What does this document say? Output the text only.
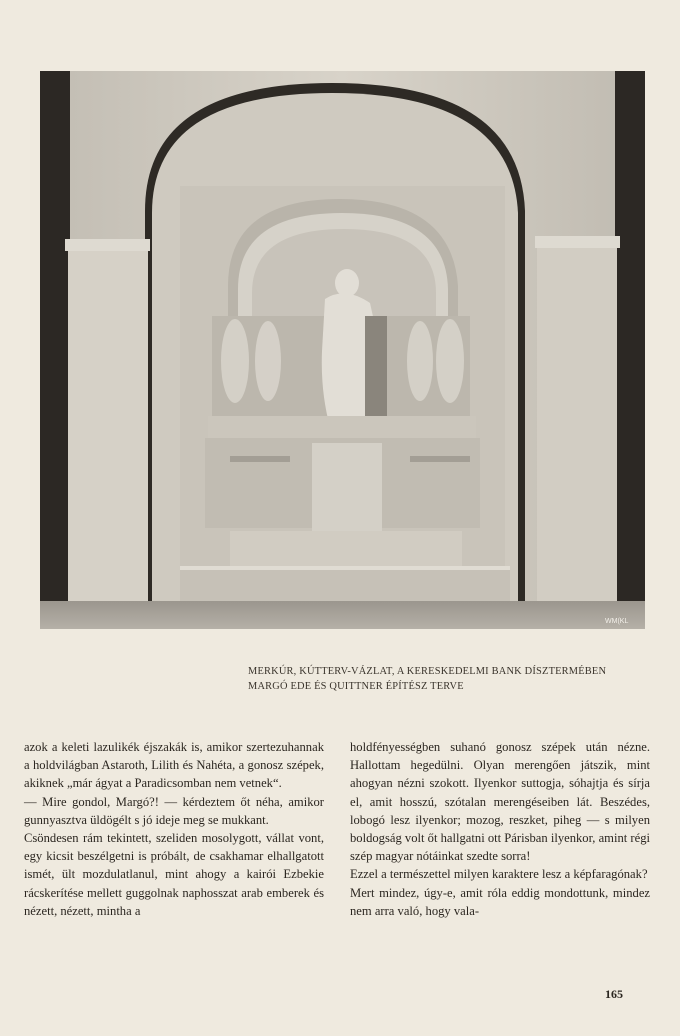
WM(KL
MERKÚR, KÚTTERV-VÁZLAT, A KERESKEDELMI BANK DÍSZTERMÉBEN
MARGÓ EDE ÉS QUITTNER ÉPÍTÉSZ TERVE

azok a keleti lazulikék éjszakák is, amikor szertezuhannak a holdvilágban Astaroth, Lilith és Nahéta, a gonosz szépek, akiknek „már ágyat a Paradicsomban nem vetnek“.

— Mire gondol, Margó?! — kérdeztem őt néha, amikor gunnyasztva üldögélt s jó ideje meg se mukkant.

Csöndesen rám tekintett, szeliden mosolygott, vállat vont, egy kicsit beszélgetni is próbált, de csakhamar elhallgatott ismét, ült mozdulatlanul, mint ahogy a kairói Ezbekie rácskerítése mellett guggolnak naphosszat arab emberek és nézett, nézett, mintha a

holdfényességben suhanó gonosz szépek után nézne. Hallottam hegedülni. Olyan merengően játszik, mint ahogyan nézni szokott. Ilyenkor suttogja, sóhajtja és sírja el, amit hosszú, szótalan merengéseiben lát. Beszédes, lobogó lesz ilyenkor; mozog, reszket, piheg — s milyen boldogság volt őt hallgatni ott Párisban ilyenkor, amint régi szép magyar nótáinkat szedte sorra!

Ezzel a természettel milyen karaktere lesz a képfaragónak?

Mert mindez, úgy-e, amit róla eddig mondottunk, mindez nem arra való, hogy vala-

165
